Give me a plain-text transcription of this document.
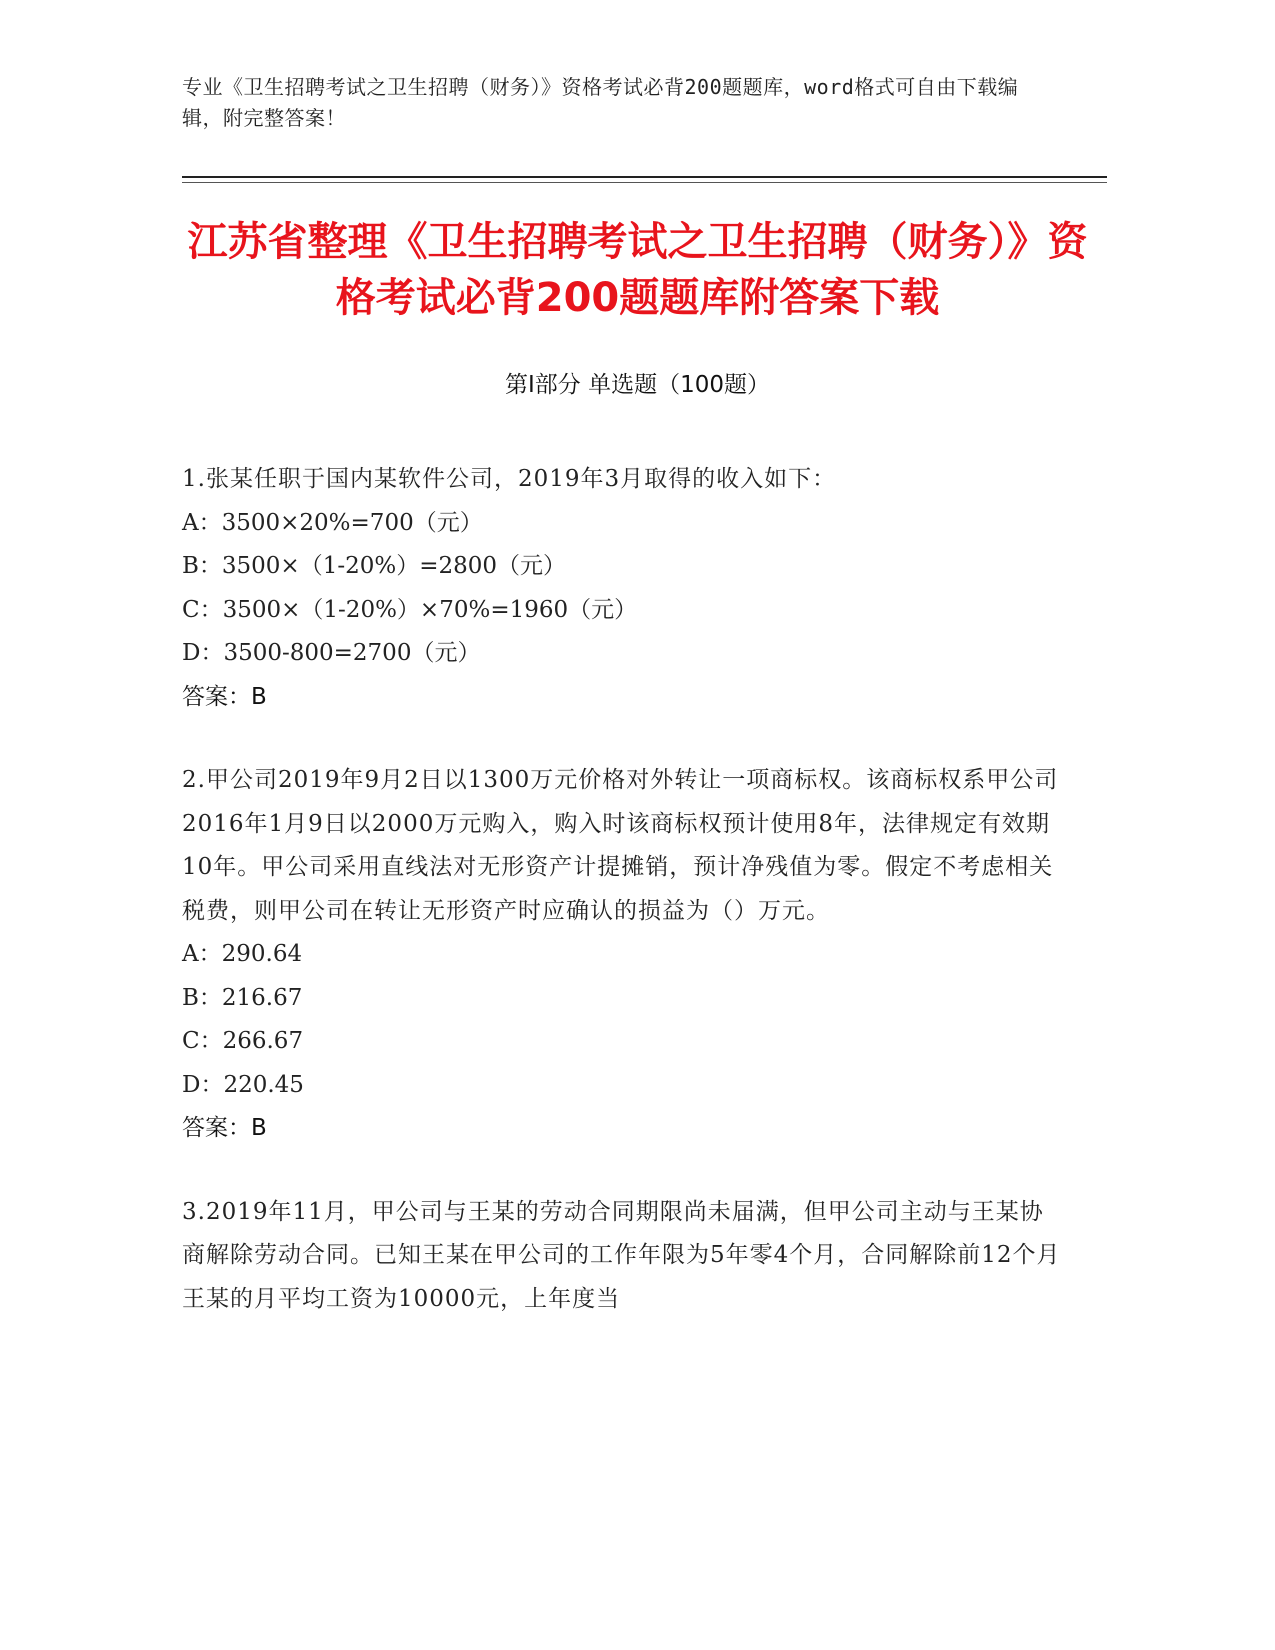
专业《卫生招聘考试之卫生招聘（财务）》资格考试必背200题题库，word格式可自由下载编辑，附完整答案！
江苏省整理《卫生招聘考试之卫生招聘（财务）》资格考试必背200题题库附答案下载
第I部分 单选题（100题）
1.张某任职于国内某软件公司，2019年3月取得的收入如下：
A：3500×20%=700（元）
B：3500×（1-20%）=2800（元）
C：3500×（1-20%）×70%=1960（元）
D：3500-800=2700（元）
答案：B
2.甲公司2019年9月2日以1300万元价格对外转让一项商标权。该商标权系甲公司2016年1月9日以2000万元购入，购入时该商标权预计使用8年，法律规定有效期10年。甲公司采用直线法对无形资产计提摊销，预计净残值为零。假定不考虑相关税费，则甲公司在转让无形资产时应确认的损益为（）万元。
A：290.64
B：216.67
C：266.67
D：220.45
答案：B
3.2019年11月，甲公司与王某的劳动合同期限尚未届满，但甲公司主动与王某协商解除劳动合同。已知王某在甲公司的工作年限为5年零4个月，合同解除前12个月王某的月平均工资为10000元，上年度当
